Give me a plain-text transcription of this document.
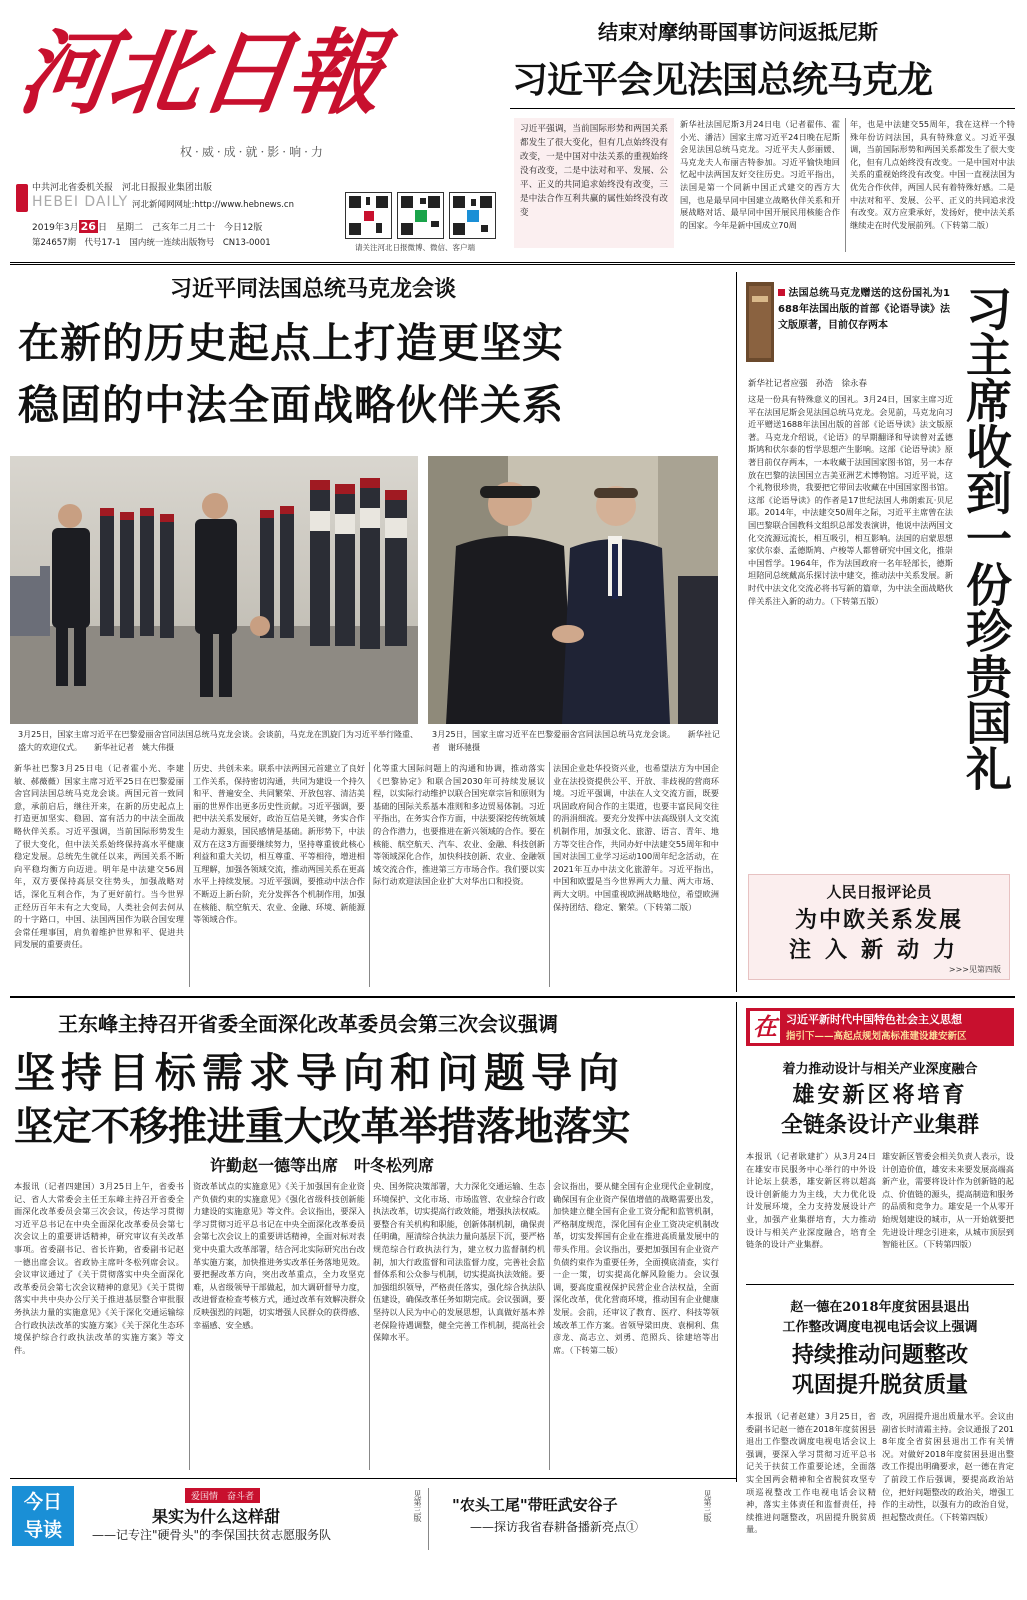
河北日報
权·威·成·就·影·响·力
中共河北省委机关报　河北日报报业集团出版
HEBEI DAILY 河北新闻网网址:http://www.hebnews.cn
2019年3月 26 日　星期二　己亥年二月二十　今日12版
第24657期　代号17-1　国内统一连续出版物号　CN13-0001	请关注河北日报微博、微信、客户端
结束对摩纳哥国事访问返抵尼斯
习近平会见法国总统马克龙
习近平强调，当前国际形势和两国关系都发生了很大变化，但有几点始终没有改变，一是中国对中法关系的重视始终没有改变，二是中法对和平、发展、公平、正义的共同追求始终没有改变，三是中法合作互利共赢的属性始终没有改变
新华社法国尼斯3月24日电（记者翟伟、霍小光、潘洁）国家主席习近平24日晚在尼斯会见法国总统马克龙。习近平夫人彭丽媛、马克龙夫人布丽吉特参加。习近平愉快地回忆起中法两国友好交往历史。习近平指出，法国是第一个同新中国正式建交的西方大国，也是最早同中国建立战略伙伴关系和开展战略对话、最早同中国开展民用核能合作的国家。今年是新中国成立70周
年，也是中法建交55周年，我在这样一个特殊年份访问法国，具有特殊意义。习近平强调，当前国际形势和两国关系都发生了很大变化，但有几点始终没有改变。一是中国对中法关系的重视始终没有改变。中国一直视法国为优先合作伙伴，两国人民有着特殊好感。二是中法对和平、发展、公平、正义的共同追求没有改变。双方应秉承好，发扬好，使中法关系继续走在时代发展前列。（下转第二版）
习近平同法国总统马克龙会谈
在新的历史起点上打造更坚实
稳固的中法全面战略伙伴关系
3月25日，国家主席习近平在巴黎爱丽舍宫同法国总统马克龙会谈。会谈前，马克龙在凯旋门为习近平举行隆重、盛大的欢迎仪式。　　新华社记者　姚大伟摄
3月25日，国家主席习近平在巴黎爱丽舍宫同法国总统马克龙会谈。　　新华社记者　谢环驰摄
新华社巴黎3月25日电（记者霍小光、李建敏、郝薇薇）国家主席习近平25日在巴黎爱丽舍宫同法国总统马克龙会谈。两国元首一致同意，承前启后，继往开来，在新的历史起点上打造更加坚实、稳固、富有活力的中法全面战略伙伴关系。习近平强调，当前国际形势发生了很大变化，但中法关系始终保持高水平健康稳定发展。总统先生就任以来，两国关系不断向平稳均衡方向迈进。明年是中法建交56周年，双方要保持高层交往势头，加强战略对话，深化互利合作，为了更好前行。当今世界正经历百年未有之大变局，人类社会何去何从的十字路口，中国、法国两国作为联合国安理会常任理事国，肩负着维护世界和平、促进共同发展的重要责任。
历史、共创未来。联系中法两国元首建立了良好工作关系，保持密切沟通，共同为建设一个持久和平、普遍安全、共同繁荣、开放包容、清洁美丽的世界作出更多历史性贡献。习近平强调，要把中法关系发展好，政治互信是关键，务实合作是动力源泉，国民感情是基础。新形势下，中法双方在这3方面要继续努力，坚持尊重彼此核心利益和重大关切，相互尊重、平等相待，增进相互理解，加强各领域交流，推动两国关系在更高水平上持续发展。习近平强调，要推动中法合作不断迈上新台阶，充分发挥各个机制作用，加强在核能、航空航天、农业、金融、环境、新能源等领域合作。
化等重大国际问题上的沟通和协调，推动落实《巴黎协定》和联合国2030年可持续发展议程，以实际行动维护以联合国宪章宗旨和原则为基础的国际关系基本准则和多边贸易体制。习近平指出，在务实合作方面，中法要深挖传统领域的合作潜力，也要推进在新兴领域的合作。要在核能、航空航天、汽车、农业、金融、科技创新等领域深化合作，加快科技创新、农业、金融领域交流合作，推进第三方市场合作。我们要以实际行动欢迎法国企业扩大对华出口和投资。
法国企业赴华投资兴业，也希望法方为中国企业在法投资提供公平、开放、非歧视的营商环境。习近平强调，中法在人文交流方面，既要巩固政府间合作的主渠道，也要丰富民间交往的涓涓细流。要充分发挥中法高级别人文交流机制作用，加强文化、旅游、语言、青年、地方等交往合作，共同办好中法建交55周年和中国对法国工业学习运动100周年纪念活动，在2021年互办中法文化旅游年。习近平指出，中国和欧盟是当今世界两大力量、两大市场、两大文明。中国重视欧洲战略地位，希望欧洲保持团结、稳定、繁荣。（下转第二版）
习主席收到一份珍贵国礼
法国总统马克龙赠送的这份国礼为1688年法国出版的首部《论语导读》法文版原著，目前仅存两本
新华社记者应强　孙浩　徐永春
这是一份具有特殊意义的国礼。3月24日，国家主席习近平在法国尼斯会见法国总统马克龙。会见前，马克龙向习近平赠送1688年法国出版的首部《论语导读》法文版原著。马克龙介绍说，《论语》的早期翻译和导读曾对孟德斯鸠和伏尔泰的哲学思想产生影响。这部《论语导读》原著目前仅存两本，一本收藏于法国国家图书馆，另一本存放在巴黎的法国国立吉美亚洲艺术博物馆。习近平说，这个礼物很珍贵，我要把它带回去收藏在中国国家图书馆。这部《论语导读》的作者是17世纪法国人弗朗索瓦·贝尼耶。2014年，中法建交50周年之际，习近平主席曾在法国巴黎联合国教科文组织总部发表演讲，他说中法两国文化交流源远流长，相互吸引，相互影响。法国的启蒙思想家伏尔泰、孟德斯鸠、卢梭等人都曾研究中国文化，推崇中国哲学。1964年，作为法国政府一名年轻部长，德斯坦陪同总统戴高乐探讨法中建交，推动法中关系发展。新时代中法文化交流必将书写新的篇章，为中法全面战略伙伴关系注入新的动力。（下转第五版）
人民日报评论员
为中欧关系发展
注入新动力
>>>见第四版
王东峰主持召开省委全面深化改革委员会第三次会议强调
坚持目标需求导向和问题导向
坚定不移推进重大改革举措落地落实
许勤赵一德等出席　叶冬松列席
本报讯（记者四建国）3月25日上午，省委书记、省人大常委会主任王东峰主持召开省委全面深化改革委员会第三次会议，传达学习贯彻习近平总书记在中央全面深化改革委员会第七次会议上的重要讲话精神，研究审议有关改革事项。省委副书记、省长许勤，省委副书记赵一德出席会议。省政协主席叶冬松列席会议。会议审议通过了《关于贯彻落实中央全面深化改革委员会第七次会议精神的意见》《关于贯彻落实中共中央办公厅关于推进基层整合审批服务执法力量的实施意见》《关于深化交通运输综合行政执法改革的实施方案》《关于深化生态环境保护综合行政执法改革的实施方案》等文件。
资改革试点的实施意见》《关于加强国有企业资产负债约束的实施意见》《强化省级科技创新能力建设的实施意见》等文件。会议指出，要深入学习贯彻习近平总书记在中央全面深化改革委员会第七次会议上的重要讲话精神，全面对标对表党中央重大改革部署，结合河北实际研究出台改革实施方案，加快推进务实改革任务落地见效。要把握改革方向，突出改革重点，全力攻坚克难，从省级领导干部做起，加大调研督导力度，改进督查检查考核方式，通过改革有效解决群众反映强烈的问题，切实增强人民群众的获得感、幸福感、安全感。
央、国务院决策部署，大力深化交通运输、生态环境保护、文化市场、市场监管、农业综合行政执法改革，切实提高行政效能，增强执法权威。要整合有关机构和职能，创新体制机制，确保责任明确，厘清综合执法力量向基层下沉，要严格规范综合行政执法行为，建立权力监督制约机制，加大行政监督和司法监督力度，完善社会监督体系和公众参与机制，切实提高执法效能。要加强组织领导，严格责任落实，强化综合执法队伍建设，确保改革任务如期完成。会议强调，要坚持以人民为中心的发展思想，认真做好基本养老保险待遇调整，健全完善工作机制，提高社会保障水平。
会议指出，要从健全国有企业现代企业制度，确保国有企业资产保值增值的战略需要出发，加快建立健全国有企业工资分配和监管机制，严格制度规范，深化国有企业工资决定机制改革，切实发挥国有企业在推进高质量发展中的带头作用。会议指出，要把加强国有企业资产负债约束作为重要任务，全面摸底清查，实行一企一策，切实提高化解风险能力。会议强调，要高度重视保护民营企业合法权益，全面深化改革，优化营商环境，推动国有企业健康发展。会前，还审议了教育、医疗、科技等领域改革工作方案。省领导梁田庚、袁桐利、焦彦龙、高志立、刘勇、范照兵、徐建培等出席。（下转第二版）
在 习近平新时代中国特色社会主义思想
指引下——高起点规划高标准建设雄安新区
着力推动设计与相关产业深度融合
雄安新区将培育
全链条设计产业集群
本报讯（记者耿建扩）从3月24日在雄安市民服务中心举行的中外设计论坛上获悉，雄安新区将以超高设计创新能力为主线，大力优化设计发展环境，全力支持发展设计产业，加强产业集群培育，大力推动设计与相关产业深度融合，培育全链条的设计产业集群。
雄安新区管委会相关负责人表示，设计创造价值，雄安未来要发展高端高新产业，需要将设计作为创新链的起点、价值链的源头，提高制造和服务的品质和竞争力。雄安是一个从零开始规划建设的城市，从一开始就要把先进设计理念引进来，从城市顶层到智能社区。（下转第四版）
赵一德在2018年度贫困县退出
工作整改调度电视电话会议上强调
持续推动问题整改
巩固提升脱贫质量
本报讯（记者赵建）3月25日，省委副书记赵一德在2018年度贫困县退出工作整改调度电视电话会议上强调，要深入学习贯彻习近平总书记关于扶贫工作重要论述，全面落实全国两会精神和全省脱贫攻坚专项巡视整改工作电视电话会议精神，落实主体责任和监督责任，持续推进问题整改，巩固提升脱贫质量。
改，巩固提升退出质量水平。会议由副省长时清霜主持。会议通报了2018年度全省贫困县退出工作有关情况。对做好2018年度贫困县退出整改工作提出明确要求，赵一德在肯定了前段工作后强调，要提高政治站位，把好问题整改的政治关，增强工作的主动性，以强有力的政治自觉，担起整改责任。（下转第四版）
今日
导读
爱国情　奋斗者
果实为什么这样甜
——记专注"硬骨头"的李保国扶贫志愿服务队
见第三版 "农头工尾"带旺武安谷子
——探访我省春耕备播新亮点①
见第三版
